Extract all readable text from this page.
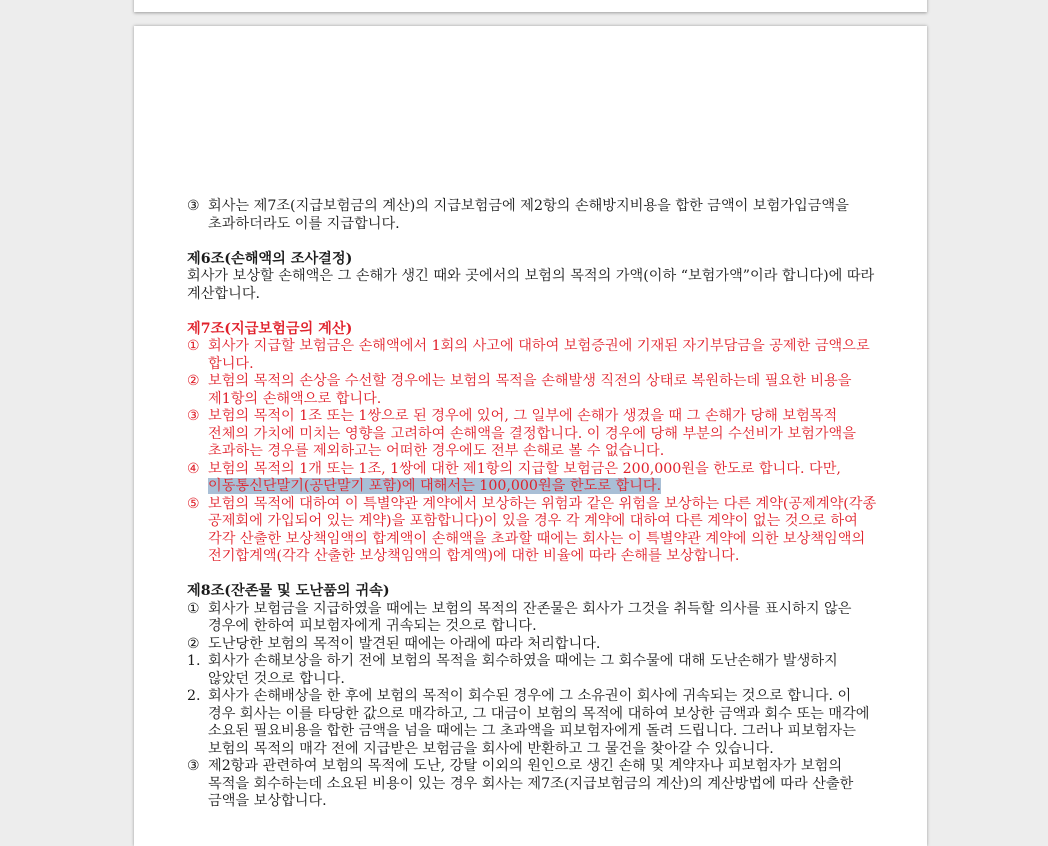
③ 회사는 제7조(지급보험금의 계산)의 지급보험금에 제2항의 손해방지비용을 합한 금액이 보험가입금액을
초과하더라도 이를 지급합니다.
제6조(손해액의 조사결정)
회사가 보상할 손해액은 그 손해가 생긴 때와 곳에서의 보험의 목적의 가액(이하 “보험가액”이라 합니다)에 따라
계산합니다.
제7조(지급보험금의 계산)
① 회사가 지급할 보험금은 손해액에서 1회의 사고에 대하여 보험증권에 기재된 자기부담금을 공제한 금액으로
합니다.
② 보험의 목적의 손상을 수선할 경우에는 보험의 목적을 손해발생 직전의 상태로 복원하는데 필요한 비용을
제1항의 손해액으로 합니다.
③ 보험의 목적이 1조 또는 1쌍으로 된 경우에 있어, 그 일부에 손해가 생겼을 때 그 손해가 당해 보험목적
전체의 가치에 미치는 영향을 고려하여 손해액을 결정합니다. 이 경우에 당해 부분의 수선비가 보험가액을
초과하는 경우를 제외하고는 어떠한 경우에도 전부 손해로 볼 수 없습니다.
④ 보험의 목적의 1개 또는 1조, 1쌍에 대한 제1항의 지급할 보험금은 200,000원을 한도로 합니다. 다만,
이동통신단말기(공단말기 포함)에 대해서는 100,000원을 한도로 합니다.
⑤ 보험의 목적에 대하여 이 특별약관 계약에서 보상하는 위험과 같은 위험을 보상하는 다른 계약(공제계약(각종
공제회에 가입되어 있는 계약)을 포함합니다)이 있을 경우 각 계약에 대하여 다른 계약이 없는 것으로 하여
각각 산출한 보상책임액의 합계액이 손해액을 초과할 때에는 회사는 이 특별약관 계약에 의한 보상책임액의
전기합계액(각각 산출한 보상책임액의 합계액)에 대한 비율에 따라 손해를 보상합니다.
제8조(잔존물 및 도난품의 귀속)
① 회사가 보험금을 지급하였을 때에는 보험의 목적의 잔존물은 회사가 그것을 취득할 의사를 표시하지 않은
경우에 한하여 피보험자에게 귀속되는 것으로 합니다.
② 도난당한 보험의 목적이 발견된 때에는 아래에 따라 처리합니다.
1. 회사가 손해보상을 하기 전에 보험의 목적을 회수하였을 때에는 그 회수물에 대해 도난손해가 발생하지
않았던 것으로 합니다.
2. 회사가 손해배상을 한 후에 보험의 목적이 회수된 경우에 그 소유권이 회사에 귀속되는 것으로 합니다. 이
경우 회사는 이를 타당한 값으로 매각하고, 그 대금이 보험의 목적에 대하여 보상한 금액과 회수 또는 매각에
소요된 필요비용을 합한 금액을 넘을 때에는 그 초과액을 피보험자에게 돌려 드립니다. 그러나 피보험자는
보험의 목적의 매각 전에 지급받은 보험금을 회사에 반환하고 그 물건을 찾아갈 수 있습니다.
③ 제2항과 관련하여 보험의 목적에 도난, 강탈 이외의 원인으로 생긴 손해 및 계약자나 피보험자가 보험의
목적을 회수하는데 소요된 비용이 있는 경우 회사는 제7조(지급보험금의 계산)의 계산방법에 따라 산출한
금액을 보상합니다.
